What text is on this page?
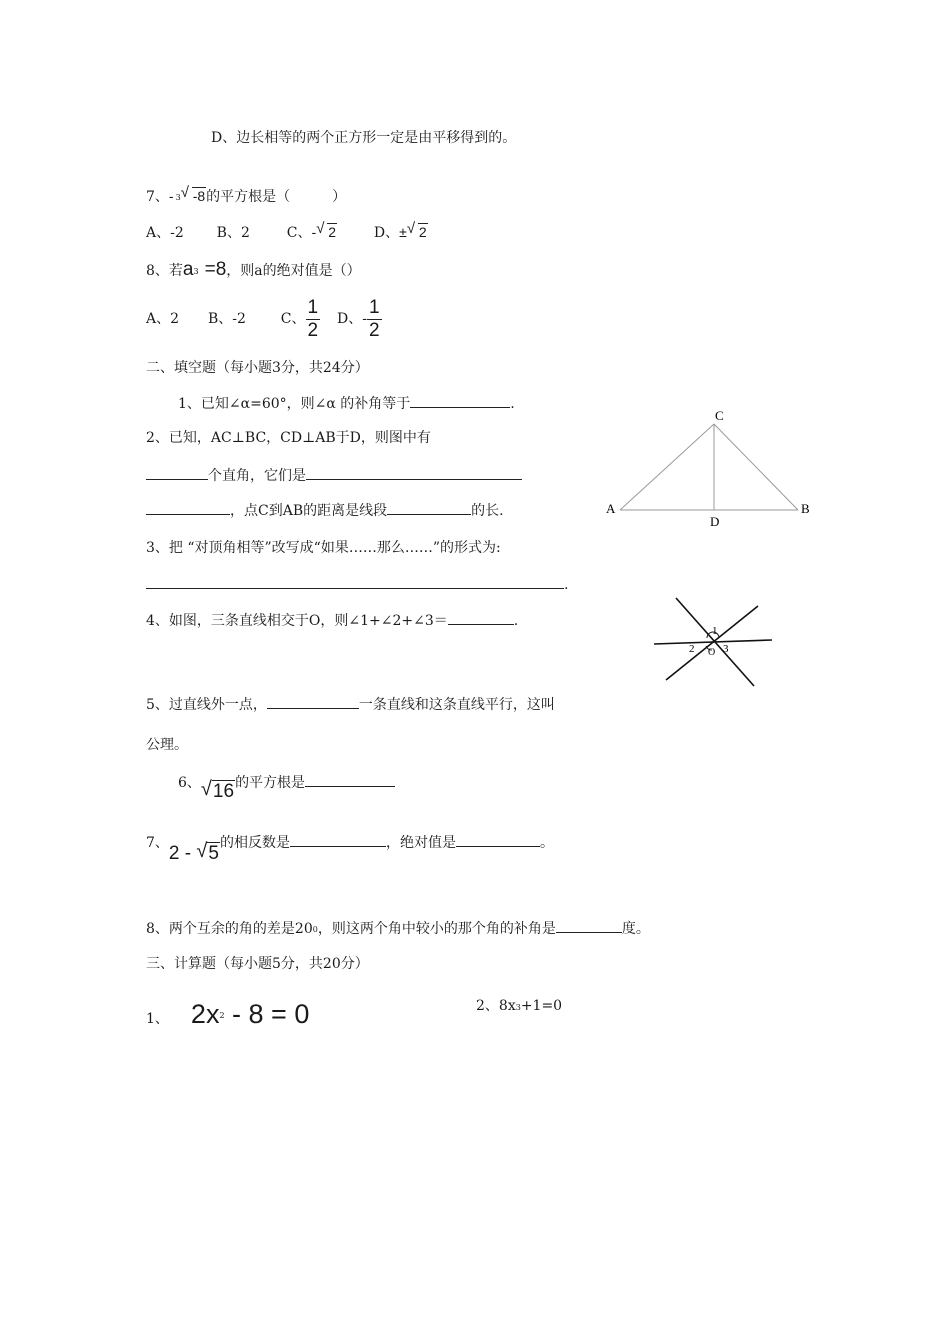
D、边长相等的两个正方形一定是由平移得到的。
7、- $^3$ √ -8的平方根是（　　　）
A、-2 B、2	C、- √ 2	D、± √ 2
8、若$a^3 =8$，则a的绝对值是（）
A、2 B、-2 C、 $\frac{1}{2}$ D、- $\frac{1}{2}$
二、填空题（每小题3分，共24分）
1、已知∠α=60°，则∠α 的补角等于	.
2、已知，AC⊥BC，CD⊥AB于D，则图中有
个直角，它们是
，点C到AB的距离是线段	的长.
C
A	B
D
3、把 “对顶角相等”改写成“如果……那么……”的形式为:
.
4、如图，三条直线相交于O，则∠1+∠2+∠3＝	.
1
2	3
O
5、过直线外一点，	一条直线和这条直线平行，这叫
公理。
6、 √ 16的平方根是
7、2 - √ 5的相反数是	，绝对值是	。
8、两个互余的角的差是$20^0$，则这两个角中较小的那个角的补角是	度。
三、计算题（每小题5分，共20分）
1、 $2x^2 - 8 = 0$	2、$8x^3+1=0$
